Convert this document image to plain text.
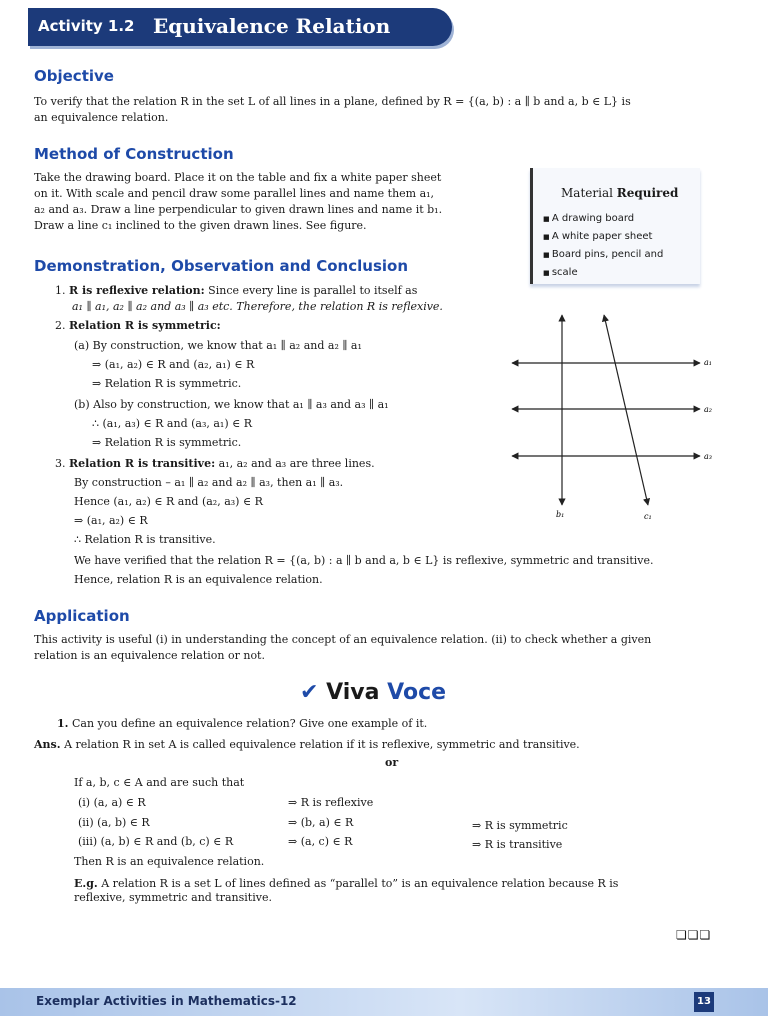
Activity 1.2 Equivalence Relation
Objective
To verify that the relation R in the set L of all lines in a plane, defined by R = {(a, b) : a ∥ b and a, b ∈ L} is
an equivalence relation.
Method of Construction
Take the drawing board. Place it on the table and fix a white paper sheet
on it. With scale and pencil draw some parallel lines and name them a₁,
a₂ and a₃. Draw a line perpendicular to given drawn lines and name it b₁.
Draw a line c₁ inclined to the given drawn lines. See figure.
Material Required
■ A drawing board
■ A white paper sheet
■ Board pins, pencil and
■ scale
Demonstration, Observation and Conclusion
1. R is reflexive relation: Since every line is parallel to itself as
a₁ ∥ a₁, a₂ ∥ a₂ and a₃ ∥ a₃ etc. Therefore, the relation R is reflexive.
2. Relation R is symmetric:
(a) By construction, we know that a₁ ∥ a₂ and a₂ ∥ a₁
⇒ (a₁, a₂) ∈ R and (a₂, a₁) ∈ R
⇒ Relation R is symmetric.
(b) Also by construction, we know that a₁ ∥ a₃ and a₃ ∥ a₁
∴ (a₁, a₃) ∈ R and (a₃, a₁) ∈ R
⇒ Relation R is symmetric.
3. Relation R is transitive: a₁, a₂ and a₃ are three lines.
By construction – a₁ ∥ a₂ and a₂ ∥ a₃, then a₁ ∥ a₃.
Hence (a₁, a₂) ∈ R and (a₂, a₃) ∈ R
⇒ (a₁, a₂) ∈ R
∴ Relation R is transitive.
We have verified that the relation R = {(a, b) : a ∥ b and a, b ∈ L} is reflexive, symmetric and transitive.
Hence, relation R is an equivalence relation.
a₁
a₂
a₃
b₁	c₁
Application
This activity is useful (i) in understanding the concept of an equivalence relation. (ii) to check whether a given
relation is an equivalence relation or not.
✔ Viva Voce
1. Can you define an equivalence relation? Give one example of it.
Ans. A relation R in set A is called equivalence relation if it is reflexive, symmetric and transitive.
or
If a, b, c ∈ A and are such that
(i) (a, a) ∈ R	⇒ R is reflexive
(ii) (a, b) ∈ R	⇒ (b, a) ∈ R	⇒ R is symmetric
(iii) (a, b) ∈ R and (b, c) ∈ R	⇒ (a, c) ∈ R	⇒ R is transitive
Then R is an equivalence relation.
E.g. A relation R is a set L of lines defined as “parallel to” is an equivalence relation because R is
reflexive, symmetric and transitive.
❏❏❏
Exemplar Activities in Mathematics-12	13
